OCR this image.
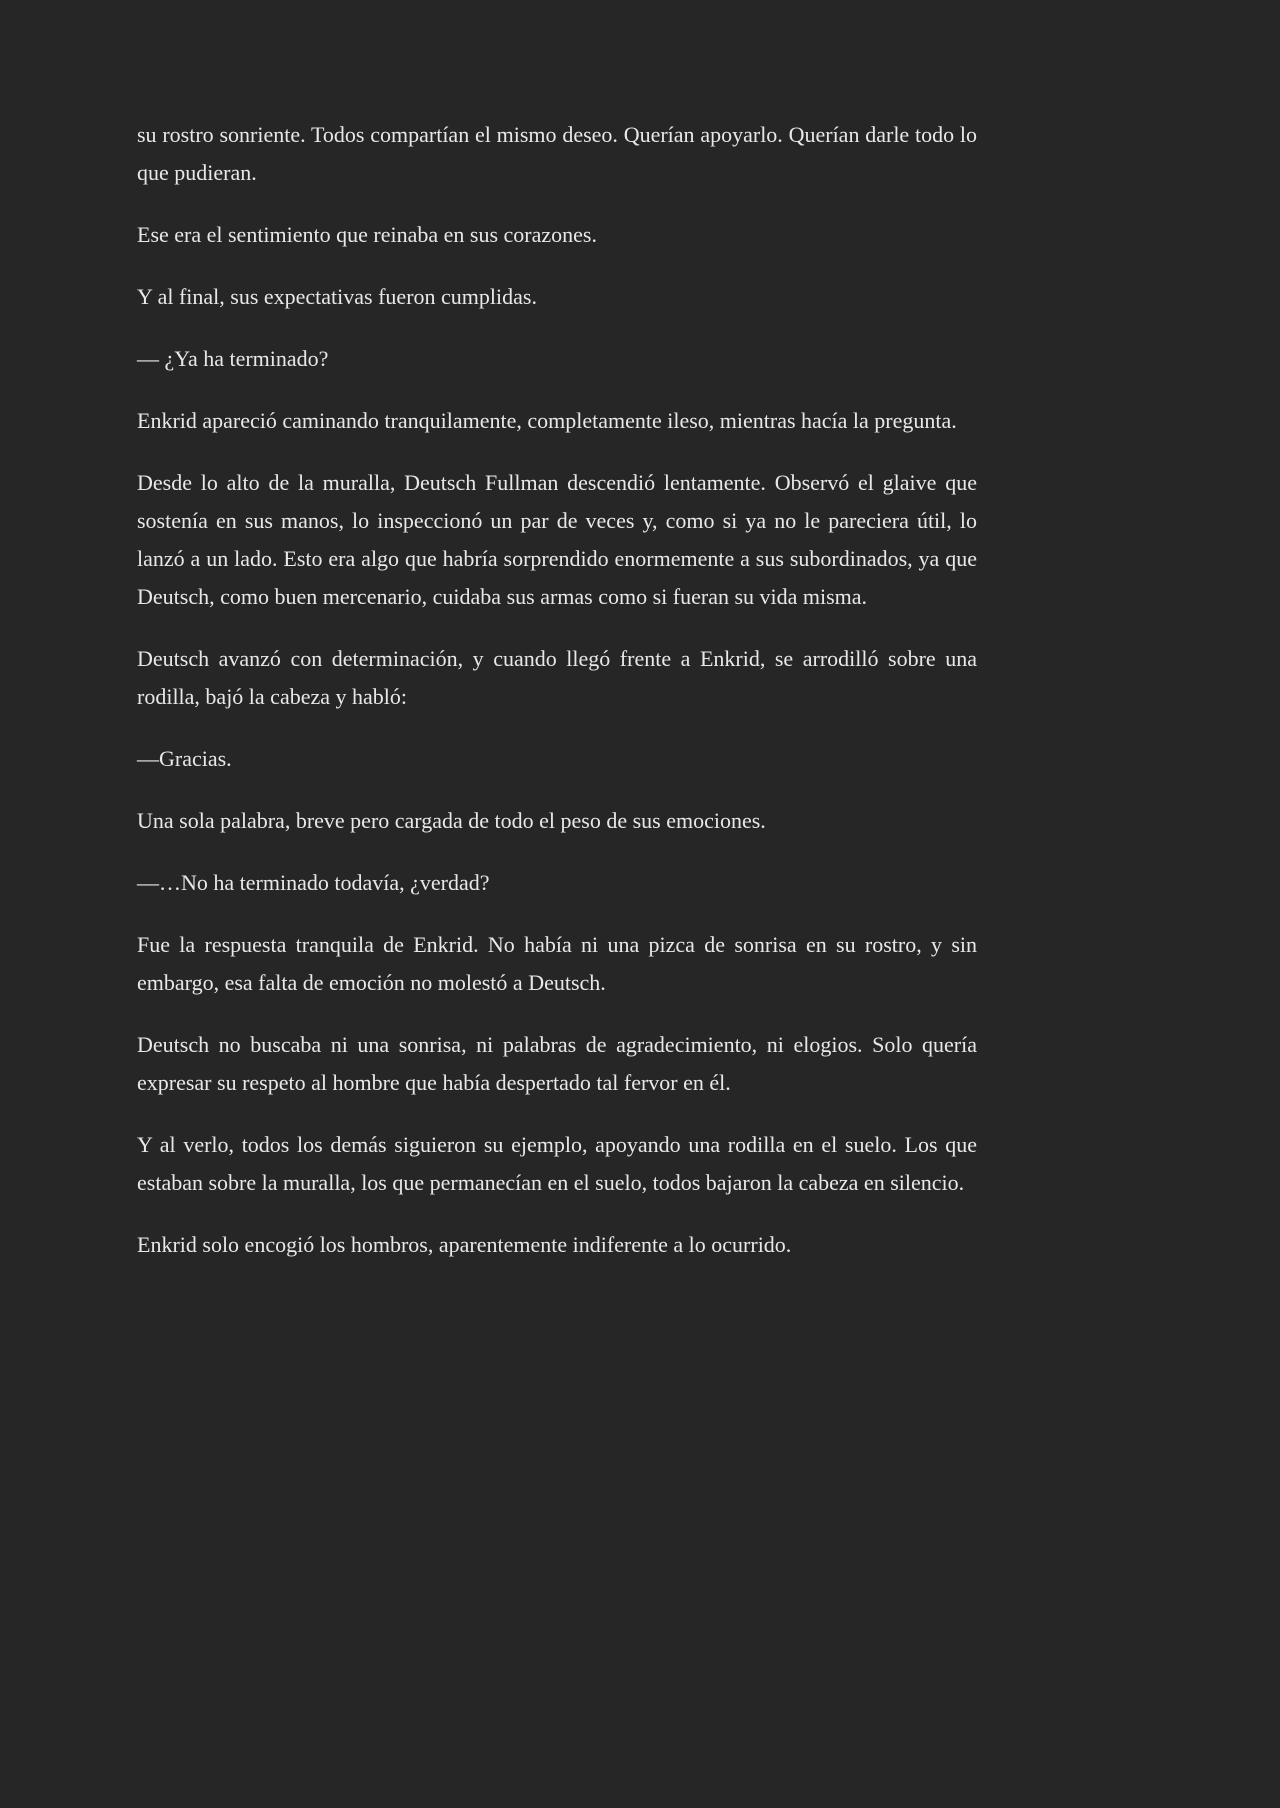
su rostro sonriente. Todos compartían el mismo deseo. Querían apoyarlo. Querían darle todo lo que pudieran.

Ese era el sentimiento que reinaba en sus corazones.

Y al final, sus expectativas fueron cumplidas.

— ¿Ya ha terminado?

Enkrid apareció caminando tranquilamente, completamente ileso, mientras hacía la pregunta.

Desde lo alto de la muralla, Deutsch Fullman descendió lentamente. Observó el glaive que sostenía en sus manos, lo inspeccionó un par de veces y, como si ya no le pareciera útil, lo lanzó a un lado. Esto era algo que habría sorprendido enormemente a sus subordinados, ya que Deutsch, como buen mercenario, cuidaba sus armas como si fueran su vida misma.

Deutsch avanzó con determinación, y cuando llegó frente a Enkrid, se arrodilló sobre una rodilla, bajó la cabeza y habló:

—Gracias.

Una sola palabra, breve pero cargada de todo el peso de sus emociones.

—…No ha terminado todavía, ¿verdad?

Fue la respuesta tranquila de Enkrid. No había ni una pizca de sonrisa en su rostro, y sin embargo, esa falta de emoción no molestó a Deutsch.

Deutsch no buscaba ni una sonrisa, ni palabras de agradecimiento, ni elogios. Solo quería expresar su respeto al hombre que había despertado tal fervor en él.

Y al verlo, todos los demás siguieron su ejemplo, apoyando una rodilla en el suelo. Los que estaban sobre la muralla, los que permanecían en el suelo, todos bajaron la cabeza en silencio.

Enkrid solo encogió los hombros, aparentemente indiferente a lo ocurrido.
